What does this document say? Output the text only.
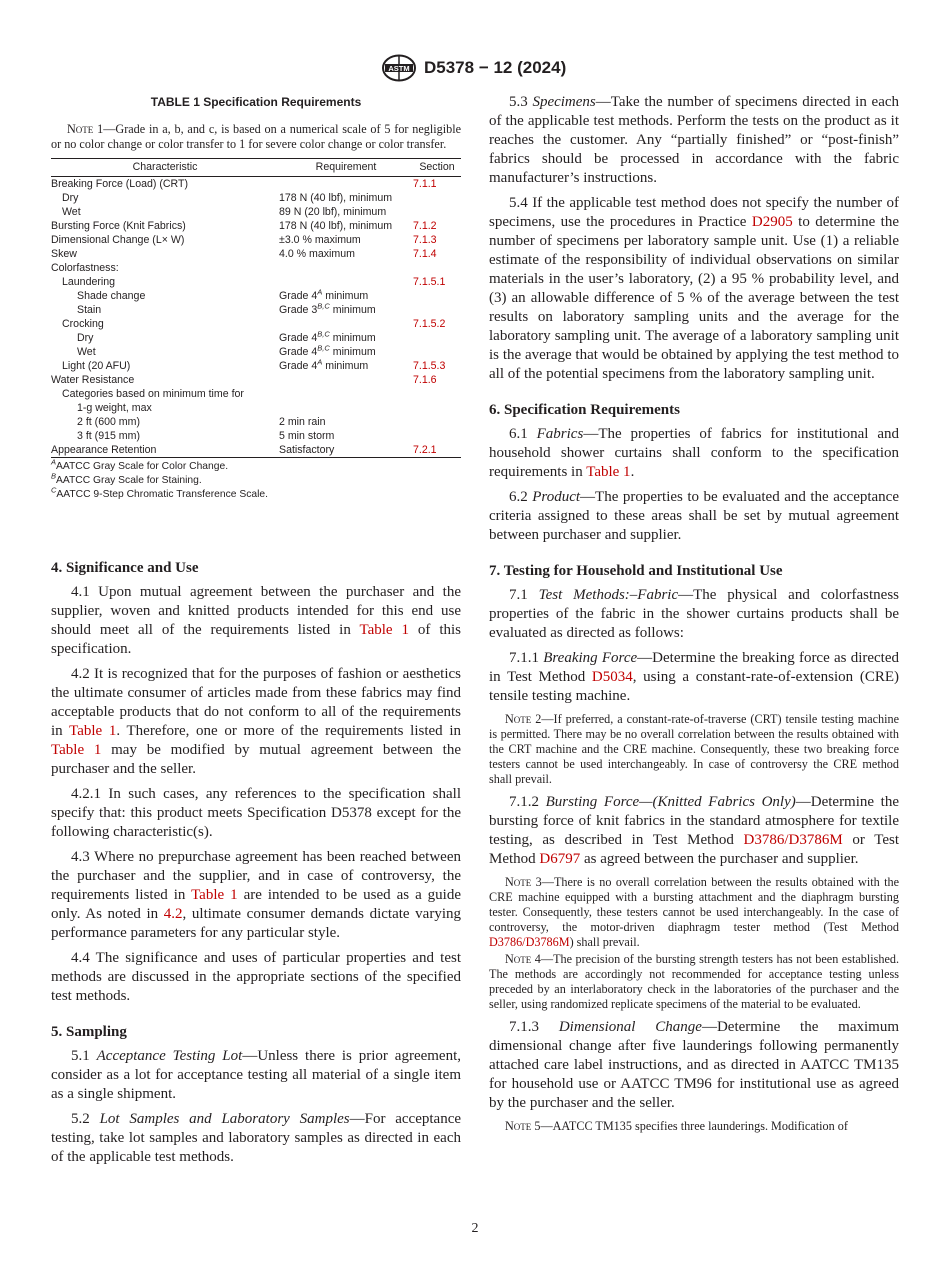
ASTM D5378 − 12 (2024)
TABLE 1 Specification Requirements

Note 1—Grade in a, b, and c, is based on a numerical scale of 5 for negligible or no color change or color transfer to 1 for severe color change or color transfer.

Characteristic	Requirement	Section
Breaking Force (Load) (CRT)		7.1.1
Dry	178 N (40 lbf), minimum	
Wet	89 N (20 lbf), minimum	
Bursting Force (Knit Fabrics)	178 N (40 lbf), minimum	7.1.2
Dimensional Change (L× W)	±3.0 % maximum	7.1.3
Skew	4.0 % maximum	7.1.4
Colorfastness:		
Laundering		7.1.5.1
Shade change	Grade $4^A$ minimum	
Stain	Grade $3^{B,C}$ minimum	
Crocking		7.1.5.2
Dry	Grade $4^{B,C}$ minimum	
Wet	Grade $4^{B,C}$ minimum	
Light (20 AFU)	Grade $4^A$ minimum	7.1.5.3
Water Resistance		7.1.6
Categories based on minimum time for		
1-g weight, max		
2 ft (600 mm)	2 min rain	
3 ft (915 mm)	5 min storm	
Appearance Retention	Satisfactory	7.2.1
$^A$AATCC Gray Scale for Color Change.
$^B$AATCC Gray Scale for Staining.
$^C$AATCC 9-Step Chromatic Transference Scale.
4. Significance and Use

4.1 Upon mutual agreement between the purchaser and the supplier, woven and knitted products intended for this end use should meet all of the requirements listed in Table 1 of this specification.

4.2 It is recognized that for the purposes of fashion or aesthetics the ultimate consumer of articles made from these fabrics may find acceptable products that do not conform to all of the requirements in Table 1. Therefore, one or more of the requirements listed in Table 1 may be modified by mutual agreement between the purchaser and the seller.

4.2.1 In such cases, any references to the specification shall specify that: this product meets Specification D5378 except for the following characteristic(s).

4.3 Where no prepurchase agreement has been reached between the purchaser and the supplier, and in case of controversy, the requirements listed in Table 1 are intended to be used as a guide only. As noted in 4.2, ultimate consumer demands dictate varying performance parameters for any particular style.

4.4 The significance and uses of particular properties and test methods are discussed in the appropriate sections of the specified test methods.

5. Sampling

5.1 Acceptance Testing Lot—Unless there is prior agreement, consider as a lot for acceptance testing all material of a single item as a single shipment.

5.2 Lot Samples and Laboratory Samples—For acceptance testing, take lot samples and laboratory samples as directed in each of the applicable test methods.

5.3 Specimens—Take the number of specimens directed in each of the applicable test methods. Perform the tests on the product as it reaches the customer. Any “partially finished” or “post-finish” fabrics should be processed in accordance with the fabric manufacturer’s instructions.

5.4 If the applicable test method does not specify the number of specimens, use the procedures in Practice D2905 to determine the number of specimens per laboratory sample unit. Use (1) a reliable estimate of the responsibility of individual observations on similar materials in the user’s laboratory, (2) a 95 % probability level, and (3) an allowable difference of 5 % of the average between the test results on laboratory sampling units and the average for the laboratory sampling unit. The average of a laboratory sampling unit is the average that would be obtained by applying the test method to all of the potential specimens from the laboratory sampling unit.

6. Specification Requirements

6.1 Fabrics—The properties of fabrics for institutional and household shower curtains shall conform to the specification requirements in Table 1.

6.2 Product—The properties to be evaluated and the acceptance criteria assigned to these areas shall be set by mutual agreement between purchaser and supplier.

7. Testing for Household and Institutional Use

7.1 Test Methods:–Fabric—The physical and colorfastness properties of the fabric in the shower curtains products shall be evaluated as directed as follows:

7.1.1 Breaking Force—Determine the breaking force as directed in Test Method D5034, using a constant-rate-of-extension (CRE) tensile testing machine.

Note 2—If preferred, a constant-rate-of-traverse (CRT) tensile testing machine is permitted. There may be no overall correlation between the results obtained with the CRT machine and the CRE machine. Consequently, these two breaking force testers cannot be used interchangeably. In case of controversy the CRE method shall prevail.

7.1.2 Bursting Force—(Knitted Fabrics Only)—Determine the bursting force of knit fabrics in the standard atmosphere for textile testing, as described in Test Method D3786/D3786M or Test Method D6797 as agreed between the purchaser and supplier.

Note 3—There is no overall correlation between the results obtained with the CRE machine equipped with a bursting attachment and the diaphragm bursting tester. Consequently, these testers cannot be used interchangeably. In the case of controversy, the motor-driven diaphragm tester method (Test Method D3786/D3786M) shall prevail.

Note 4—The precision of the bursting strength testers has not been established. The methods are accordingly not recommended for acceptance testing unless preceded by an interlaboratory check in the laboratories of the purchaser and the seller, using randomized replicate specimens of the material to be evaluated.

7.1.3 Dimensional Change—Determine the maximum dimensional change after five launderings following permanently attached care label instructions, and as directed in AATCC TM135 for household use or AATCC TM96 for institutional use as agreed by the purchaser and the seller.

Note 5—AATCC TM135 specifies three launderings. Modification of

2
